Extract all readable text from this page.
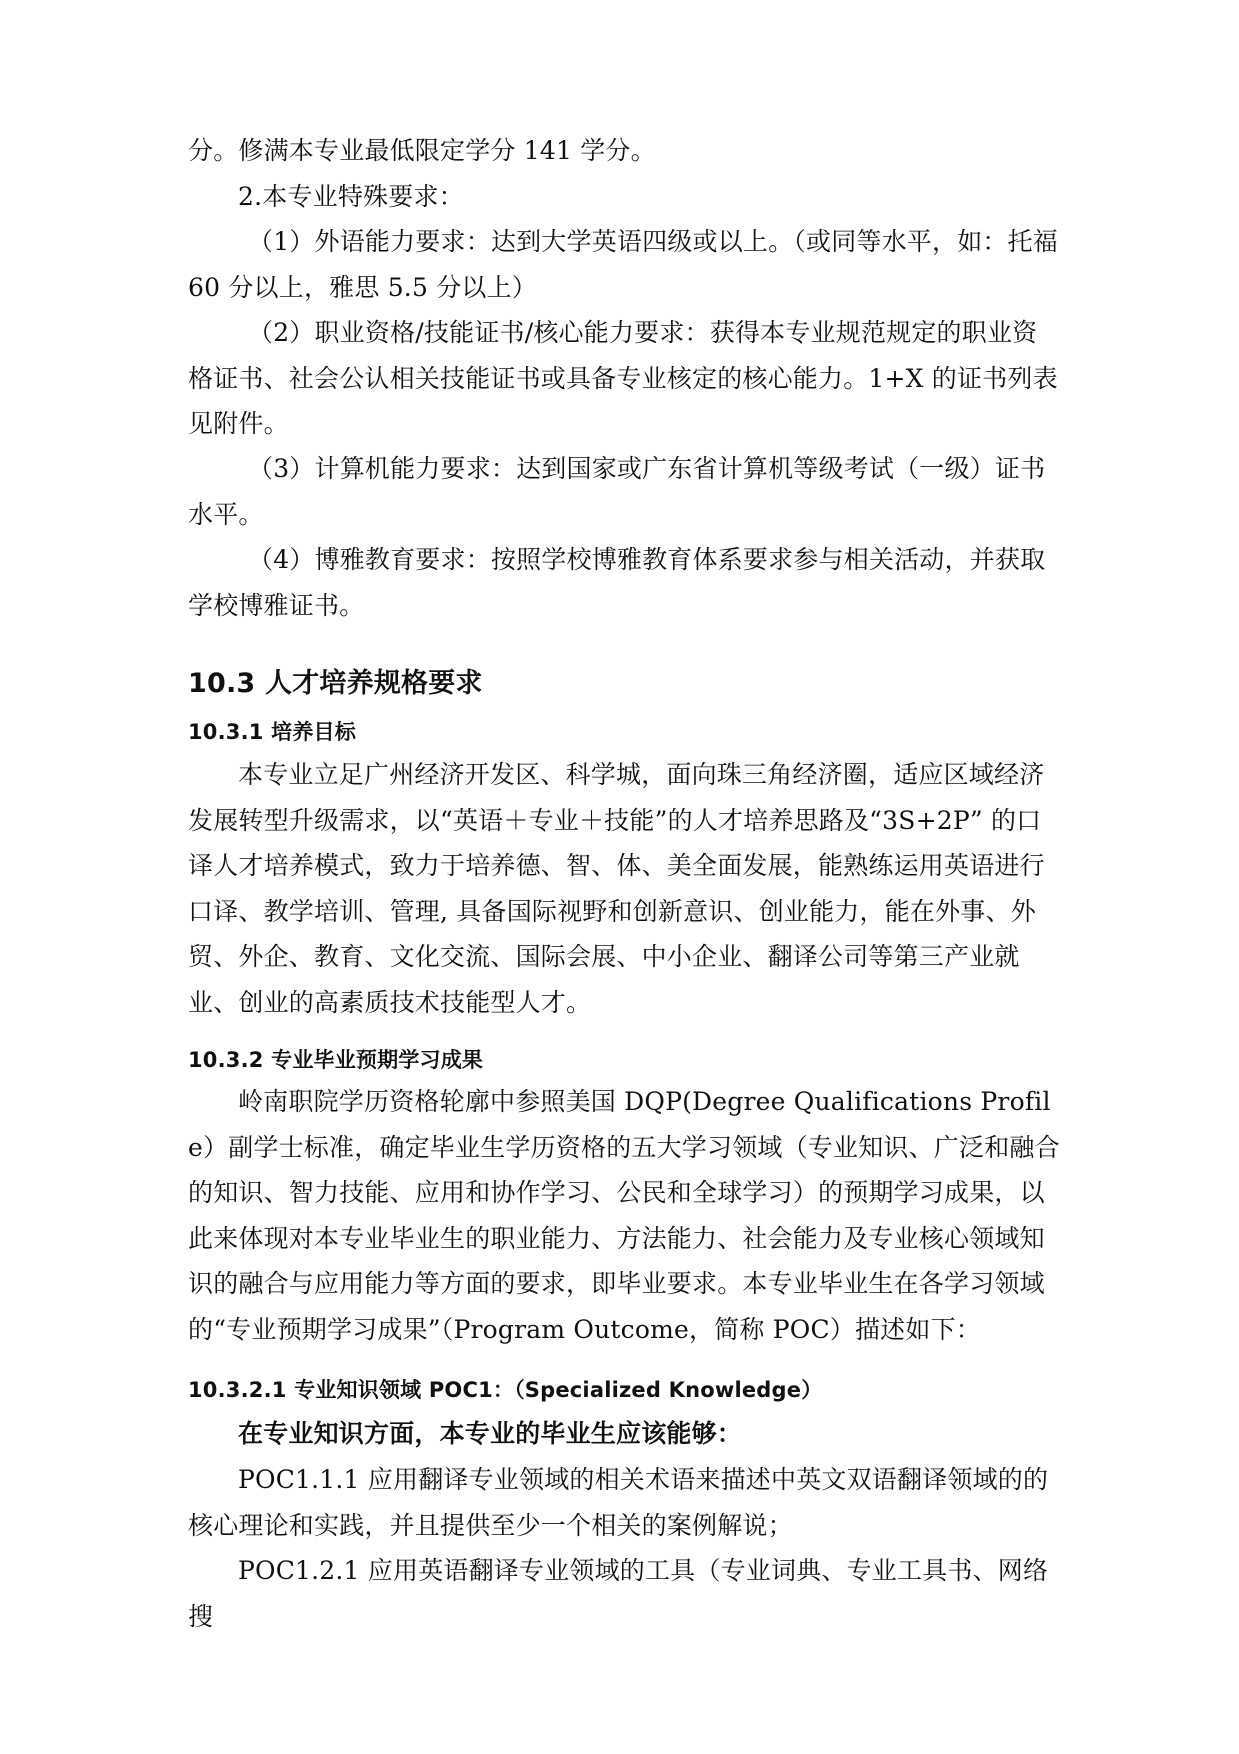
分。修满本专业最低限定学分 141 学分。

2.本专业特殊要求：

（1）外语能力要求：达到大学英语四级或以上。（或同等水平，如：托福60 分以上，雅思 5.5 分以上）

（2）职业资格/技能证书/核心能力要求：获得本专业规范规定的职业资格证书、社会公认相关技能证书或具备专业核定的核心能力。1+X 的证书列表见附件。

（3）计算机能力要求：达到国家或广东省计算机等级考试（一级）证书水平。

（4）博雅教育要求：按照学校博雅教育体系要求参与相关活动，并获取学校博雅证书。

10.3 人才培养规格要求
10.3.1 培养目标

本专业立足广州经济开发区、科学城，面向珠三角经济圈，适应区域经济发展转型升级需求，以“英语＋专业＋技能”的人才培养思路及“3S+2P” 的口译人才培养模式，致力于培养德、智、体、美全面发展，能熟练运用英语进行口译、教学培训、管理, 具备国际视野和创新意识、创业能力，能在外事、外贸、外企、教育、文化交流、国际会展、中小企业、翻译公司等第三产业就业、创业的高素质技术技能型人才。

10.3.2 专业毕业预期学习成果

岭南职院学历资格轮廓中参照美国 DQP(Degree Qualifications Profile）副学士标准，确定毕业生学历资格的五大学习领域（专业知识、广泛和融合的知识、智力技能、应用和协作学习、公民和全球学习）的预期学习成果，以此来体现对本专业毕业生的职业能力、方法能力、社会能力及专业核心领域知识的融合与应用能力等方面的要求，即毕业要求。本专业毕业生在各学习领域的“专业预期学习成果”（Program Outcome，简称 POC）描述如下：

10.3.2.1 专业知识领域 POC1：（Specialized Knowledge）

在专业知识方面，本专业的毕业生应该能够：

POC1.1.1 应用翻译专业领域的相关术语来描述中英文双语翻译领域的的核心理论和实践，并且提供至少一个相关的案例解说；

POC1.2.1 应用英语翻译专业领域的工具（专业词典、专业工具书、网络搜
